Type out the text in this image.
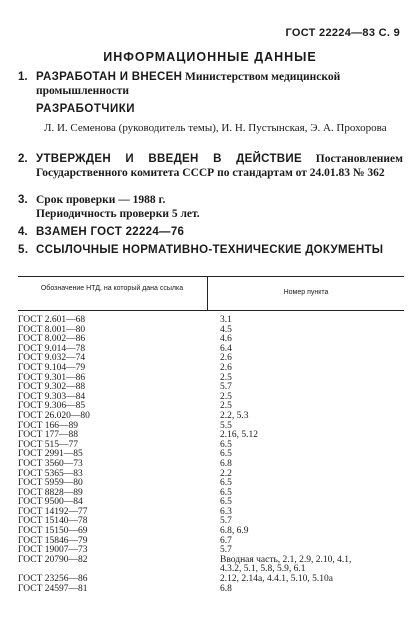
ГОСТ 22224—83 С. 9
ИНФОРМАЦИОННЫЕ ДАННЫЕ
1. РАЗРАБОТАН И ВНЕСЕН Министерством медицинской промышленности
РАЗРАБОТЧИКИ
Л. И. Семенова (руководитель темы), И. Н. Пустынская, Э. А. Прохорова
2. УТВЕРЖДЕН И ВВЕДЕН В ДЕЙСТВИЕ Постановлением Государственного комитета СССР по стандартам от 24.01.83 № 362
3. Срок проверки — 1988 г.
Периодичность проверки 5 лет.
4. ВЗАМЕН ГОСТ 22224—76
5. ССЫЛОЧНЫЕ НОРМАТИВНО-ТЕХНИЧЕСКИЕ ДОКУМЕНТЫ
Обозначение НТД, на который дана ссылка
Номер пункта
ГОСТ 2.601—68	3.1
ГОСТ 8.001—80	4.5
ГОСТ 8.002—86	4.6
ГОСТ 9.014—78	6.4
ГОСТ 9.032—74	2.6
ГОСТ 9.104—79	2.6
ГОСТ 9.301—86	2.5
ГОСТ 9.302—88	5.7
ГОСТ 9.303—84	2.5
ГОСТ 9.306—85	2.5
ГОСТ 26.020—80	2.2, 5.3
ГОСТ 166—89	5.5
ГОСТ 177—88	2.16, 5.12
ГОСТ 515—77	6.5
ГОСТ 2991—85	6.5
ГОСТ 3560—73	6.8
ГОСТ 5365—83	2.2
ГОСТ 5959—80	6.5
ГОСТ 8828—89	6.5
ГОСТ 9500—84	6.5
ГОСТ 14192—77	6.3
ГОСТ 15140—78	5.7
ГОСТ 15150—69	6.8, 6.9
ГОСТ 15846—79	6.7
ГОСТ 19007—73	5.7
ГОСТ 20790—82	Вводная часть, 2.1, 2.9, 2.10, 4.1,
4.3.2, 5.1, 5.8, 5.9, 6.1
ГОСТ 23256—86	2.12, 2.14а, 4.4.1, 5.10, 5.10а
ГОСТ 24597—81	6.8
